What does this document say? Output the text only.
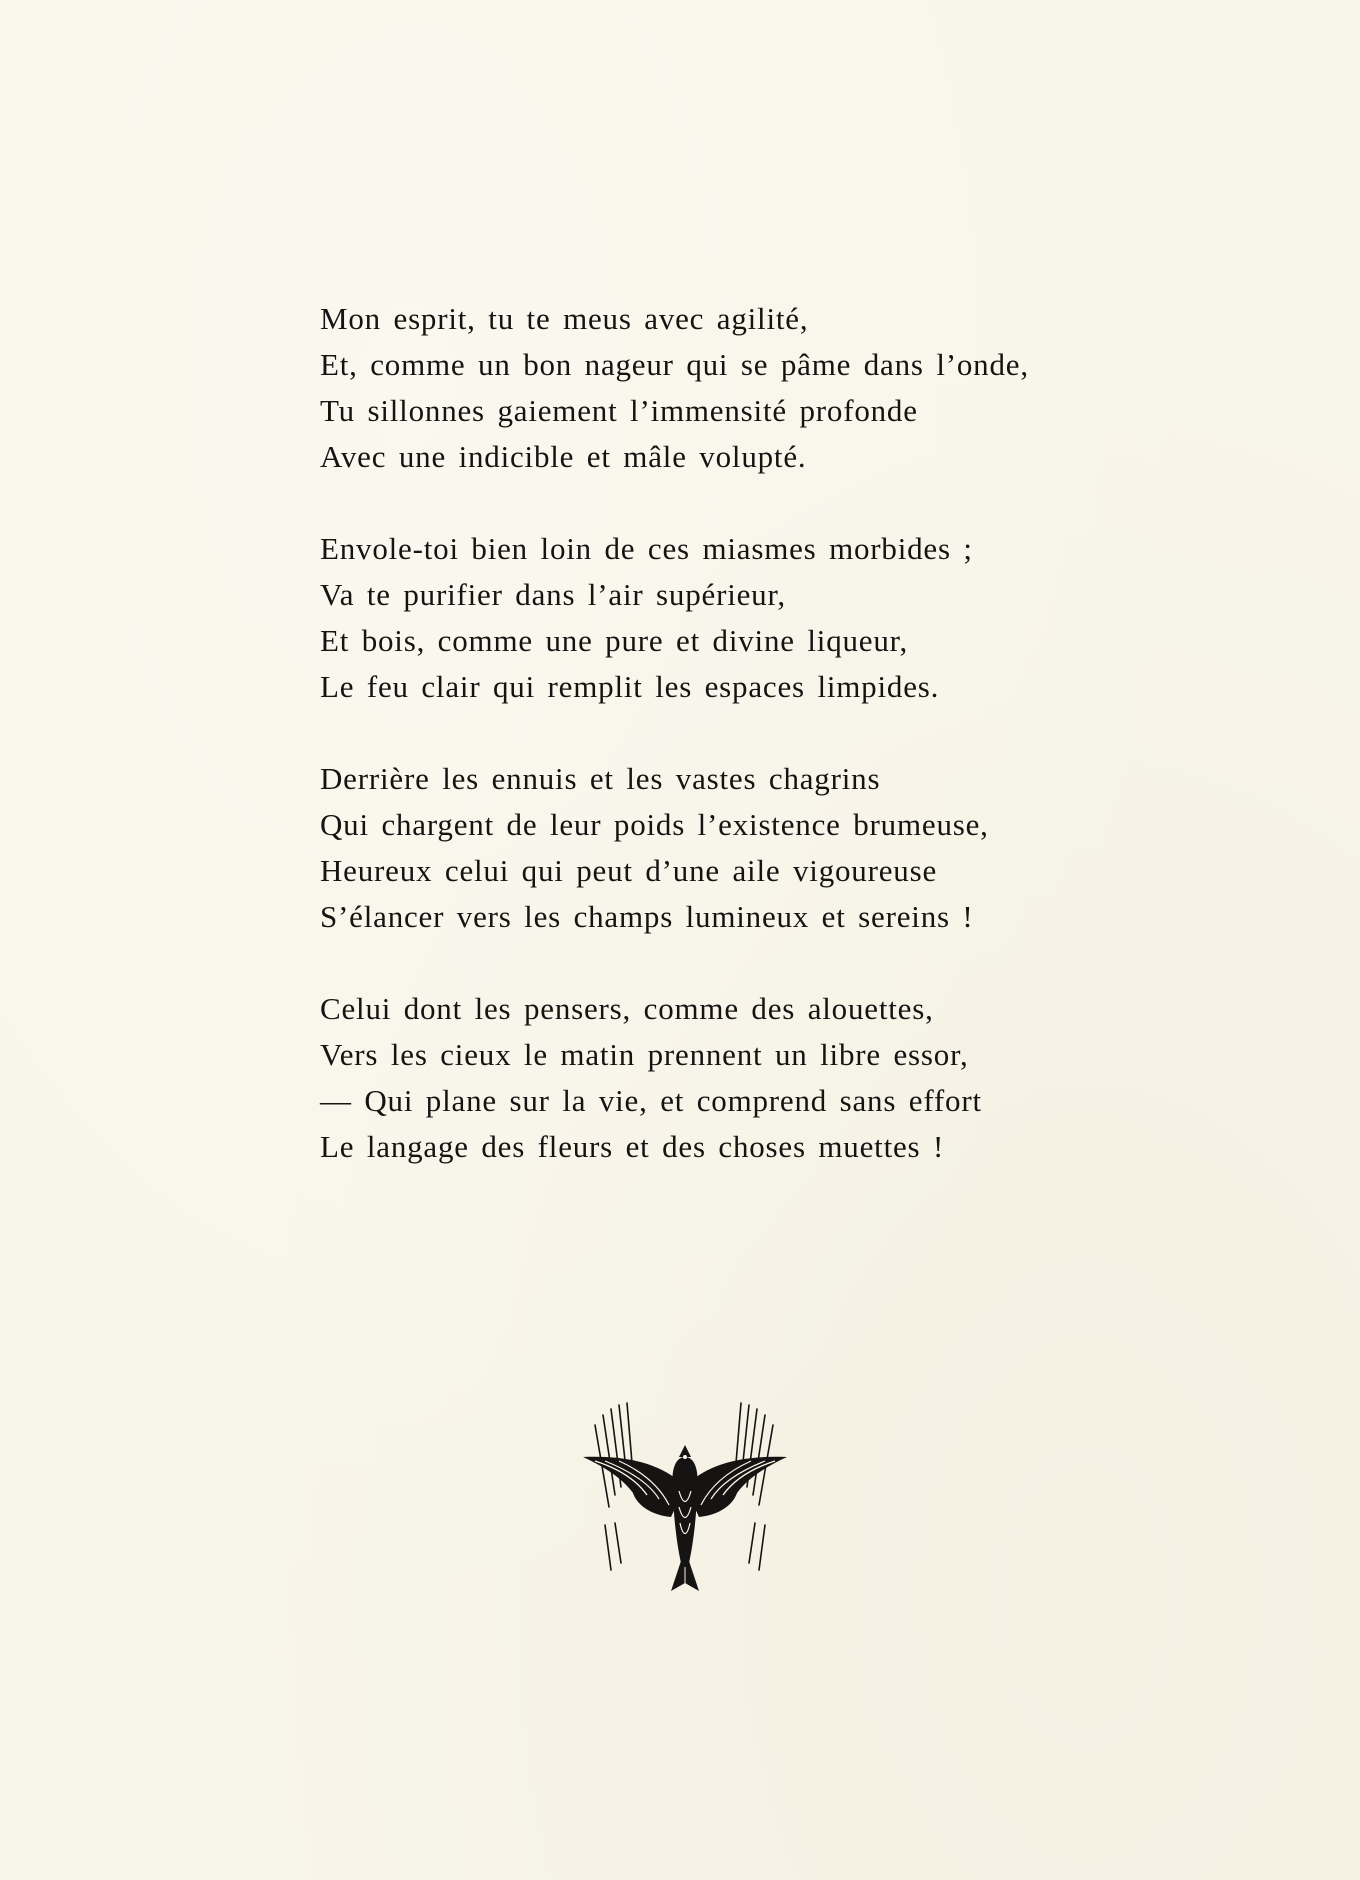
Mon esprit, tu te meus avec agilité,
Et, comme un bon nageur qui se pâme dans l’onde,
Tu sillonnes gaiement l’immensité profonde
Avec une indicible et mâle volupté.
Envole-toi bien loin de ces miasmes morbides ;
Va te purifier dans l’air supérieur,
Et bois, comme une pure et divine liqueur,
Le feu clair qui remplit les espaces limpides.
Derrière les ennuis et les vastes chagrins
Qui chargent de leur poids l’existence brumeuse,
Heureux celui qui peut d’une aile vigoureuse
S’élancer vers les champs lumineux et sereins !
Celui dont les pensers, comme des alouettes,
Vers les cieux le matin prennent un libre essor,
— Qui plane sur la vie, et comprend sans effort
Le langage des fleurs et des choses muettes !
